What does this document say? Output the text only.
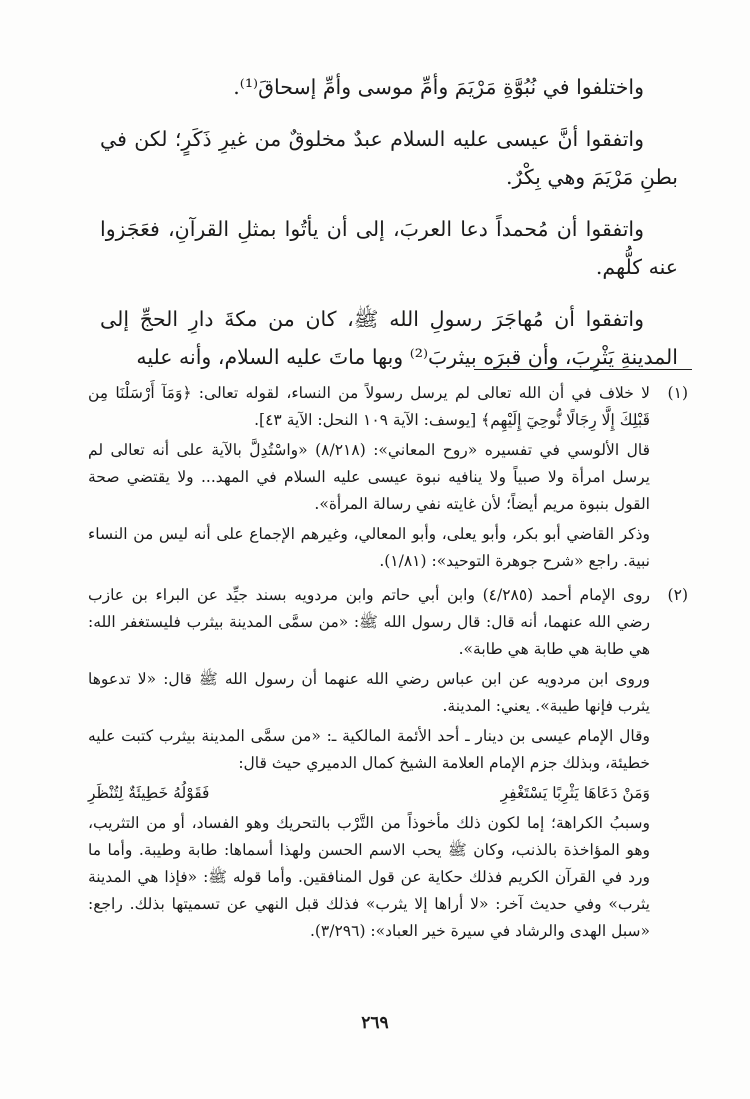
واختلفوا في نُبُوَّةِ مَرْيَمَ وأمِّ موسى وأمِّ إسحاقَ⁽¹⁾.

واتفقوا أنَّ عيسى عليه السلام عبدٌ مخلوقٌ من غيرِ ذَكَرٍ؛ لكن في بطنِ مَرْيَمَ وهي بِكْرٌ.

واتفقوا أن مُحمداً دعا العربَ، إلى أن يأتُوا بمثلِ القرآنِ، فعَجَزوا عنه كلُّهم.

واتفقوا أن مُهاجَرَ رسولِ الله ﷺ، كان من مكةَ دارِ الحجِّ إلى المدينةِ يَثْرِبَ، وأن قبرَه بيثربَ⁽²⁾ وبها ماتَ عليه السلام، وأنه عليه

(١)

لا خلاف في أن الله تعالى لم يرسل رسولاً من النساء، لقوله تعالى: ﴿وَمَآ أَرْسَلْنَا مِن قَبْلِكَ إِلَّا رِجَالًا نُّوحِيٓ إِلَيْهِم﴾ [يوسف: الآية ١٠٩ النحل: الآية ٤٣].

قال الألوسي في تفسيره «روح المعاني»: (٨/٢١٨) «واسْتُدِلَّ بالآية على أنه تعالى لم يرسل امرأة ولا صبياً ولا ينافيه نبوة عيسى عليه السلام في المهد... ولا يقتضي صحة القول بنبوة مريم أيضاً؛ لأن غايته نفي رسالة المرأة».

وذكر القاضي أبو بكر، وأبو يعلى، وأبو المعالي، وغيرهم الإجماع على أنه ليس من النساء نبية. راجع «شرح جوهرة التوحيد»: (١/٨١).

(٢)

روى الإمام أحمد (٤/٢٨٥) وابن أبي حاتم وابن مردويه بسند جيِّد عن البراء بن عازب رضي الله عنهما، أنه قال: قال رسول الله ﷺ: «من سمَّى المدينة بيثرب فليستغفر الله: هي طابة هي طابة هي طابة».

وروى ابن مردويه عن ابن عباس رضي الله عنهما أن رسول الله ﷺ قال: «لا تدعوها يثرب فإنها طيبة». يعني: المدينة.

وقال الإمام عيسى بن دينار ـ أحد الأئمة المالكية ـ: «من سمَّى المدينة بيثرب كتبت عليه خطيئة، وبذلك جزم الإمام العلامة الشيخ كمال الدميري حيث قال:

وَمَنْ دَعَاهَا يَثْرِبًا يَسْتَغْفِرِ
فَقَوْلُهُ خَطِيئَةٌ لِتُنْظَرِ

وسببُ الكراهة؛ إما لكون ذلك مأخوذاً من التَّرْب بالتحريك وهو الفساد، أو من التثريب، وهو المؤاخذة بالذنب، وكان ﷺ يحب الاسم الحسن ولهذا أسماها: طابة وطيبة. وأما ما ورد في القرآن الكريم فذلك حكاية عن قول المنافقين. وأما قوله ﷺ: «فإذا هي المدينة يثرب» وفي حديث آخر: «لا أراها إلا يثرب» فذلك قبل النهي عن تسميتها بذلك. راجع: «سبل الهدى والرشاد في سيرة خير العباد»: (٣/٢٩٦).

٢٦٩
